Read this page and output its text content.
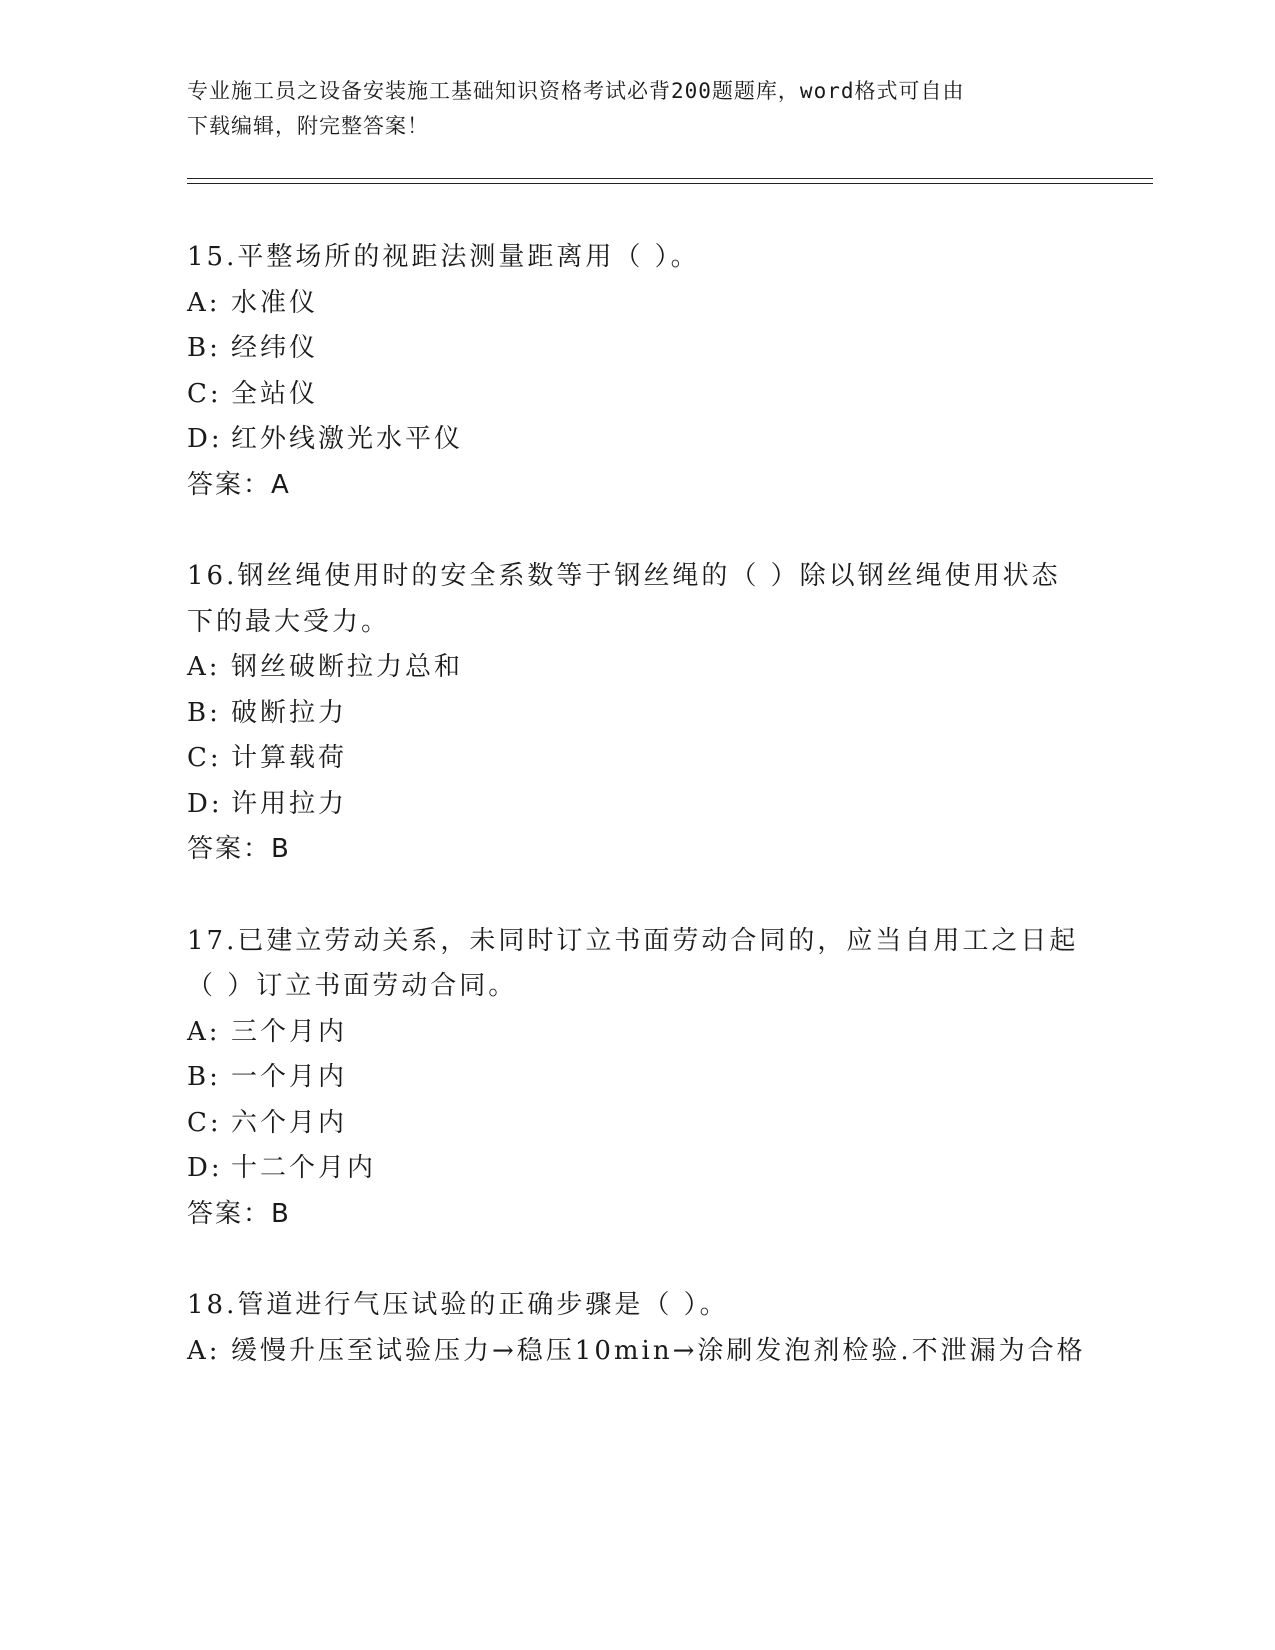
专业施工员之设备安装施工基础知识资格考试必背200题题库，word格式可自由
下载编辑，附完整答案！
15.平整场所的视距法测量距离用（ ）。
A: 水准仪
B: 经纬仪
C: 全站仪
D: 红外线激光水平仪
答案：A
16.钢丝绳使用时的安全系数等于钢丝绳的（ ）除以钢丝绳使用状态
下的最大受力。
A: 钢丝破断拉力总和
B: 破断拉力
C: 计算载荷
D: 许用拉力
答案：B
17.已建立劳动关系，未同时订立书面劳动合同的，应当自用工之日起
（ ）订立书面劳动合同。
A: 三个月内
B: 一个月内
C: 六个月内
D: 十二个月内
答案：B
18.管道进行气压试验的正确步骤是（ ）。
A: 缓慢升压至试验压力→稳压10min→涂刷发泡剂检验.不泄漏为合格
